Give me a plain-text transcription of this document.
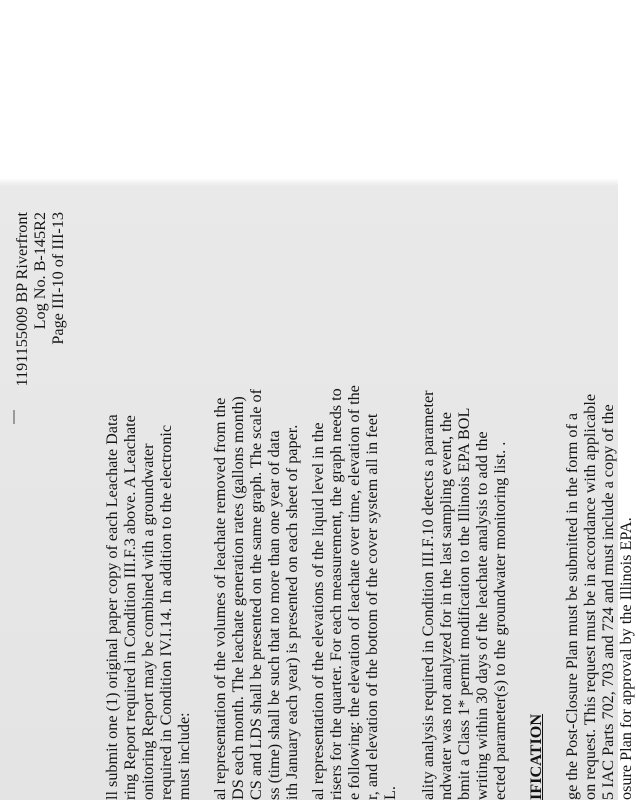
1191155009 BP Riverfront Log No. B-145R2 Page III-10 of III-13
ll submit one (1) original paper copy of each Leachate Data ring Report required in Condition III.F.3 above. A Leachate onitoring Report may be combined with a groundwater required in Condition IV.I.14. In addition to the electronic must include: al representation of the volumes of leachate removed from the DS each month. The leachate generation rates (gallons month) CS and LDS shall be presented on the same graph. The scale of ss (time) shall be such that no more than one year of data ith January each year) is presented on each sheet of paper. al representation of the elevations of the liquid level in the risers for the quarter. For each measurement, the graph needs to e following: the elevation of leachate over time, elevation of the r, and elevation of the bottom of the cover system all in feet L. ality analysis required in Condition III.F.10 detects a parameter ndwater was not analyzed for in the last sampling event, the bmit a Class 1* permit modification to the Illinois EPA BOL writing within 30 days of the leachate analysis to add the ected parameter(s) to the groundwater monitoring list. . IFICATION ge the Post-Closure Plan must be submitted in the form of a on request. This request must be in accordance with applicable 5 IAC Parts 702, 703 and 724 and must include a copy of the osure Plan for approval by the Illinois EPA.
